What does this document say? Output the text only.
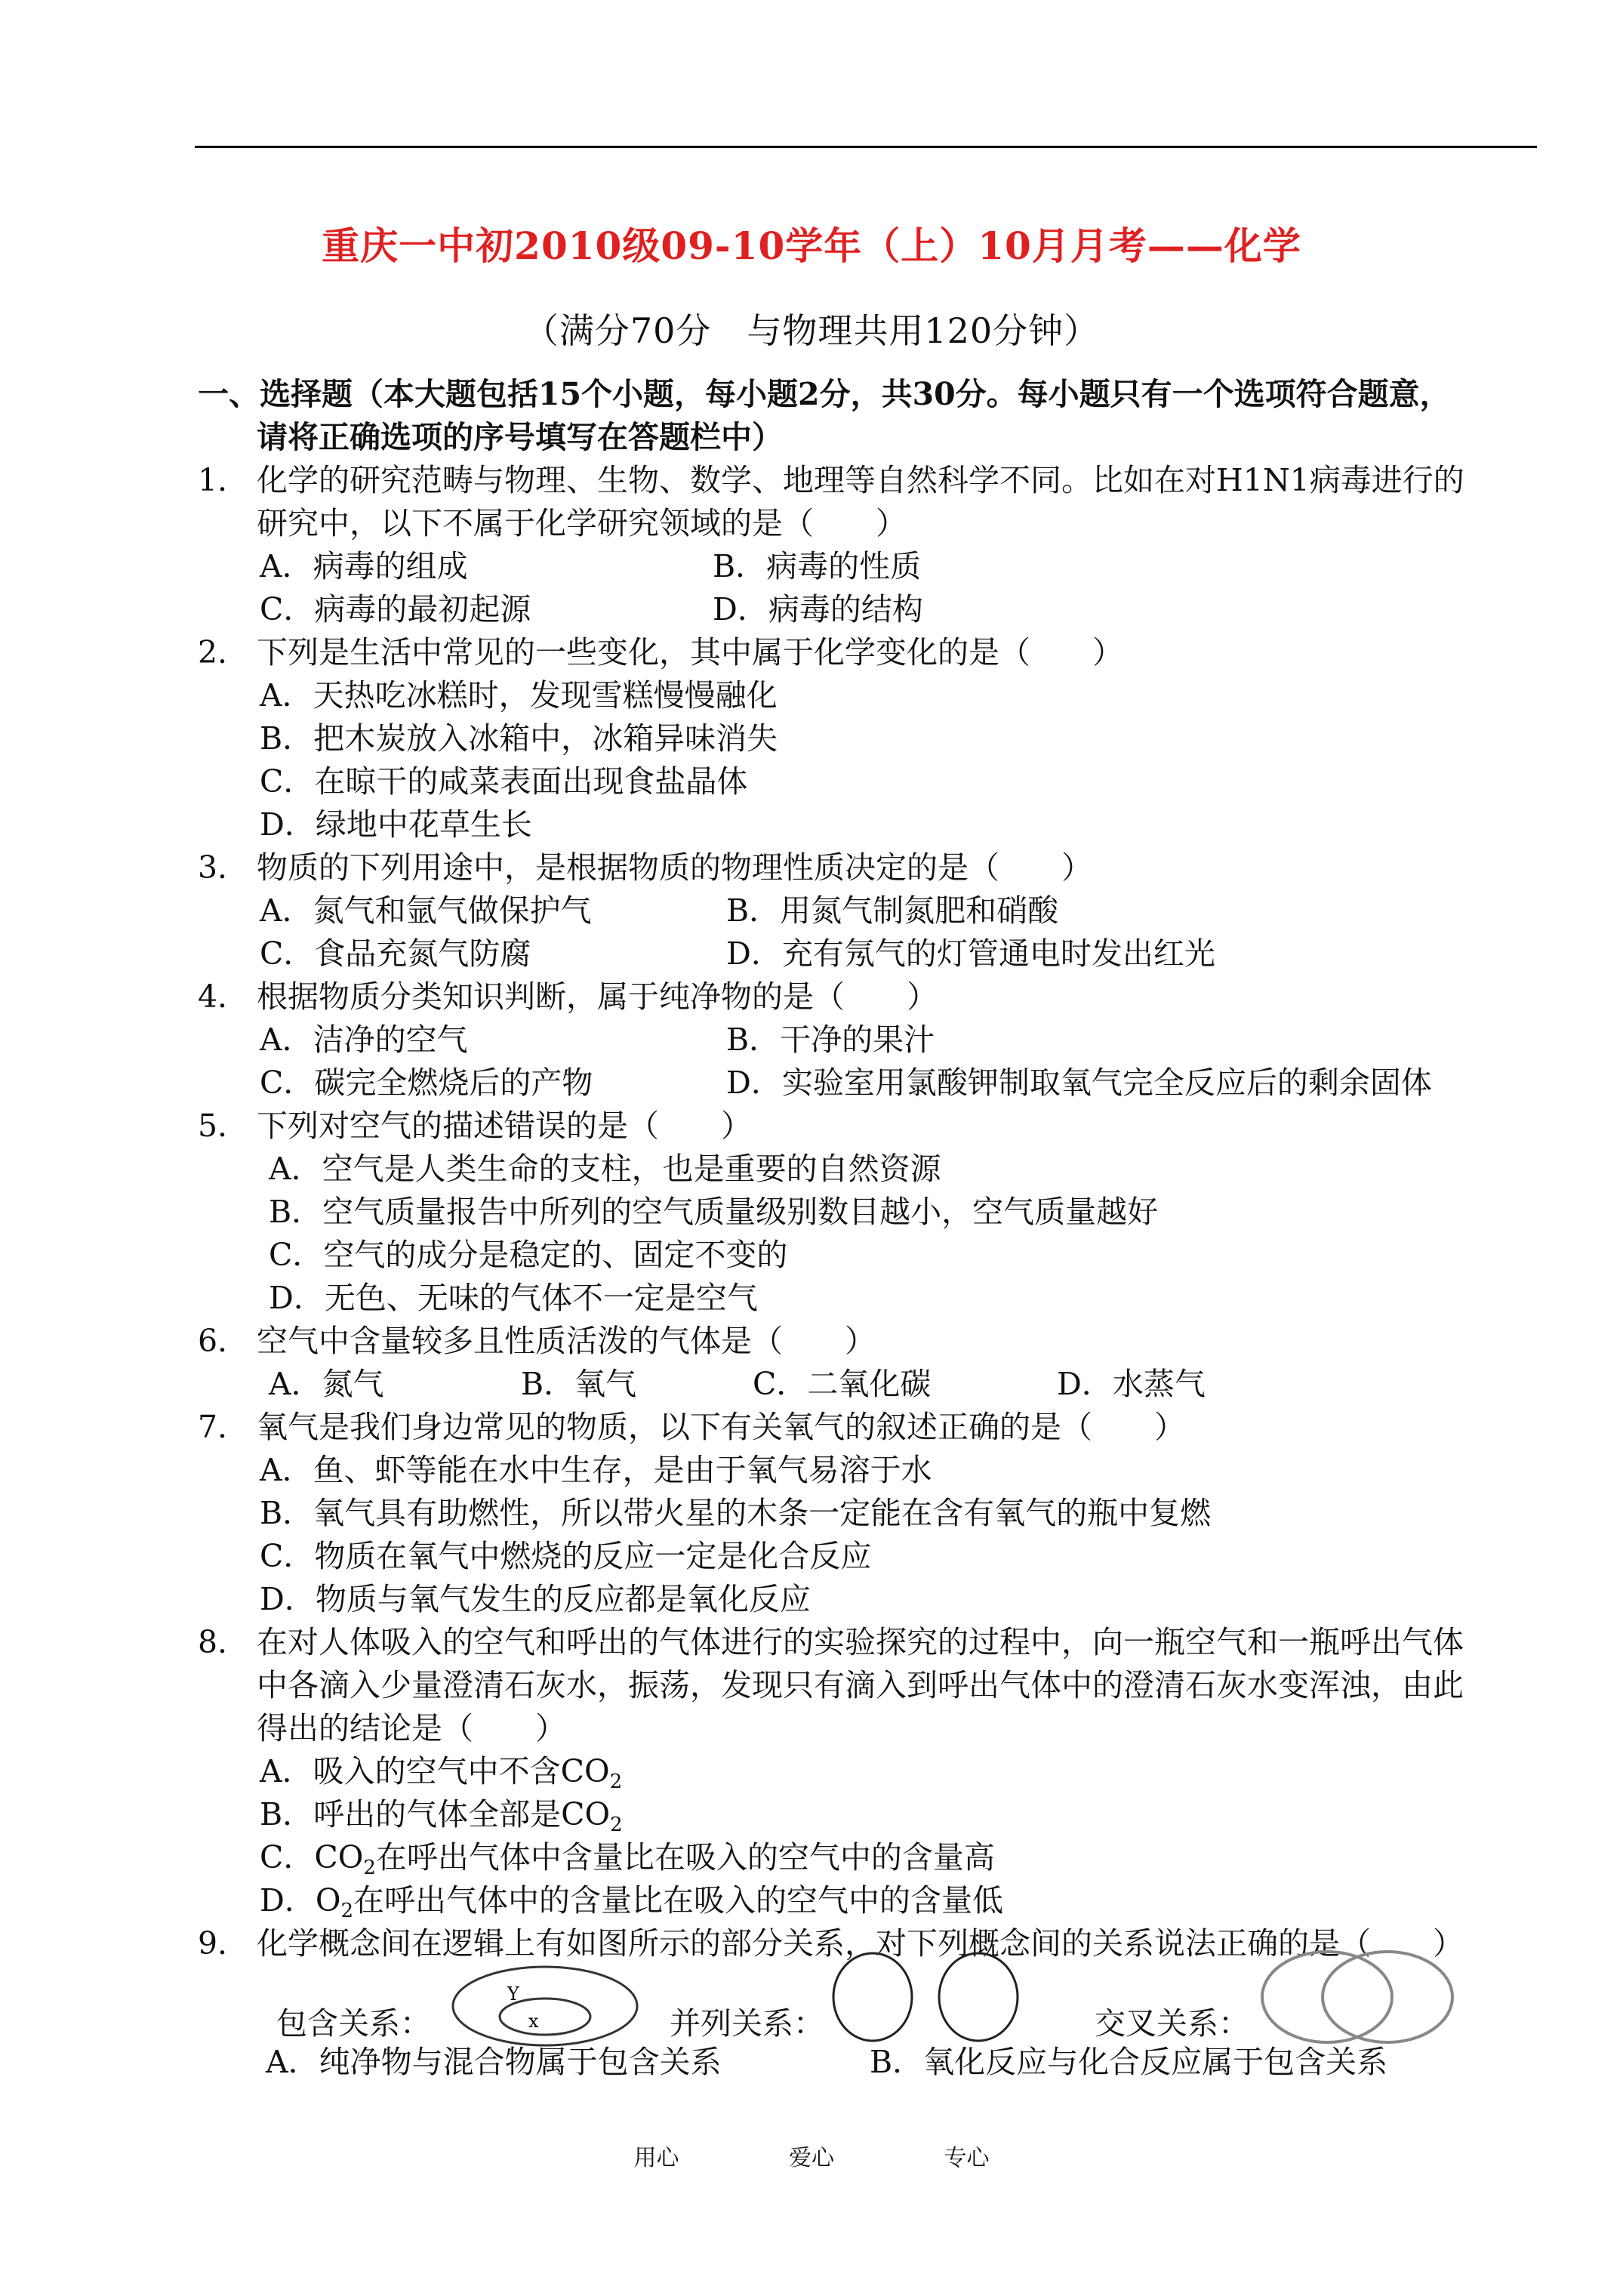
重庆一中初2010级09-10学年（上）10月月考——化学
（满分70分　与物理共用120分钟）
一、选择题（本大题包括15个小题，每小题2分，共30分。每小题只有一个选项符合题意，
请将正确选项的序号填写在答题栏中）
1． 化学的研究范畴与物理、生物、数学、地理等自然科学不同。比如在对H1N1病毒进行的
研究中，以下不属于化学研究领域的是（　　）
A．病毒的组成	B．病毒的性质
C．病毒的最初起源	D．病毒的结构
2． 下列是生活中常见的一些变化，其中属于化学变化的是（　　）
A．天热吃冰糕时，发现雪糕慢慢融化
B．把木炭放入冰箱中，冰箱异味消失
C．在晾干的咸菜表面出现食盐晶体
D．绿地中花草生长
3． 物质的下列用途中，是根据物质的物理性质决定的是（　　）
A．氮气和氩气做保护气	B．用氮气制氮肥和硝酸
C．食品充氮气防腐	D．充有氖气的灯管通电时发出红光
4． 根据物质分类知识判断，属于纯净物的是（　　）
A．洁净的空气	B．干净的果汁
C．碳完全燃烧后的产物	D．实验室用氯酸钾制取氧气完全反应后的剩余固体
5． 下列对空气的描述错误的是（　　）
A．空气是人类生命的支柱，也是重要的自然资源
B．空气质量报告中所列的空气质量级别数目越小，空气质量越好
C．空气的成分是稳定的、固定不变的
D．无色、无味的气体不一定是空气
6． 空气中含量较多且性质活泼的气体是（　　）
A．氮气	B．氧气	C．二氧化碳	D．水蒸气
7． 氧气是我们身边常见的物质，以下有关氧气的叙述正确的是（　　）
A．鱼、虾等能在水中生存，是由于氧气易溶于水
B．氧气具有助燃性，所以带火星的木条一定能在含有氧气的瓶中复燃
C．物质在氧气中燃烧的反应一定是化合反应
D．物质与氧气发生的反应都是氧化反应
8． 在对人体吸入的空气和呼出的气体进行的实验探究的过程中，向一瓶空气和一瓶呼出气体
中各滴入少量澄清石灰水，振荡，发现只有滴入到呼出气体中的澄清石灰水变浑浊，由此
得出的结论是（　　）
A．吸入的空气中不含$CO_2$
B．呼出的气体全部是$CO_2$
C．$CO_2$在呼出气体中含量比在吸入的空气中的含量高
D．$O_2$在呼出气体中的含量比在吸入的空气中的含量低
9． 化学概念间在逻辑上有如图所示的部分关系，对下列概念间的关系说法正确的是（　　）
包含关系：
Y
x	并列关系：	交叉关系：
A．纯净物与混合物属于包含关系	B．氧化反应与化合反应属于包含关系
用心	爱心	专心
